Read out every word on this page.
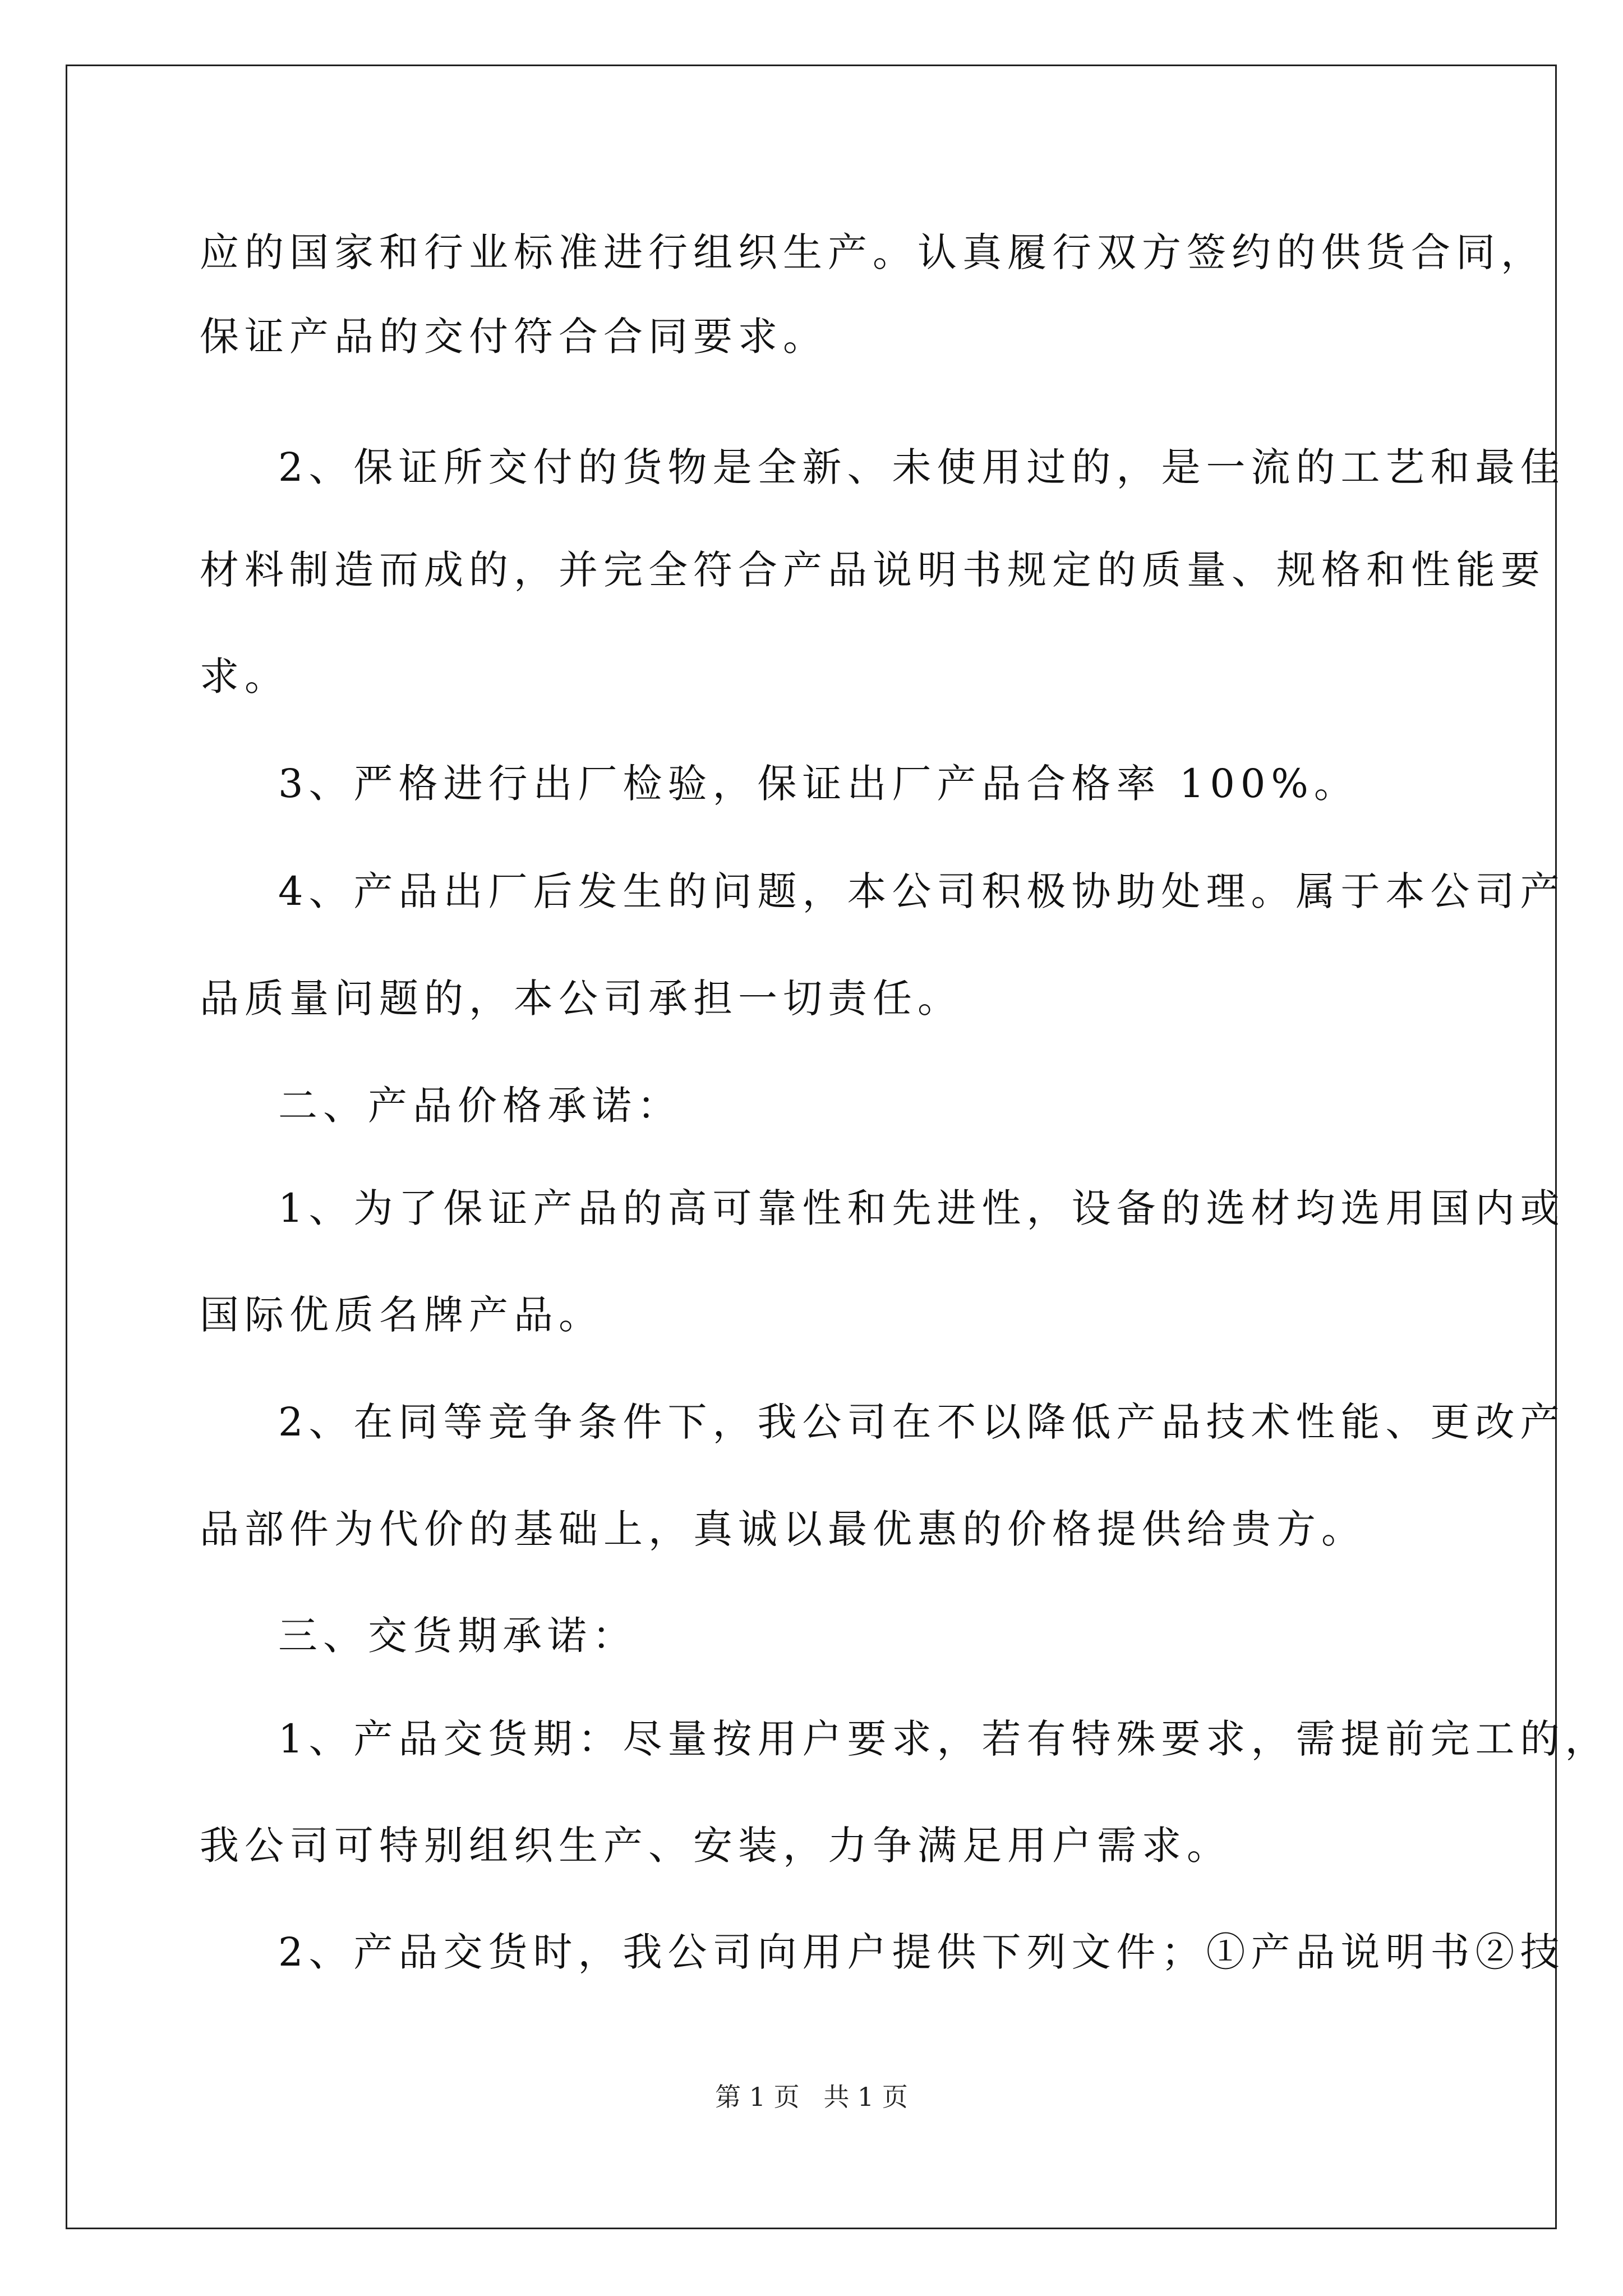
应的国家和行业标准进行组织生产。认真履行双方签约的供货合同，
保证产品的交付符合合同要求。
2、保证所交付的货物是全新、未使用过的，是一流的工艺和最佳
材料制造而成的，并完全符合产品说明书规定的质量、规格和性能要
求。
3、严格进行出厂检验，保证出厂产品合格率 100%。
4、产品出厂后发生的问题，本公司积极协助处理。属于本公司产
品质量问题的，本公司承担一切责任。
二、产品价格承诺：
1、为了保证产品的高可靠性和先进性，设备的选材均选用国内或
国际优质名牌产品。
2、在同等竞争条件下，我公司在不以降低产品技术性能、更改产
品部件为代价的基础上，真诚以最优惠的价格提供给贵方。
三、交货期承诺：
1、产品交货期：尽量按用户要求，若有特殊要求，需提前完工的，
我公司可特别组织生产、安装，力争满足用户需求。
2、产品交货时，我公司向用户提供下列文件；①产品说明书②技
第 1 页 共 1 页
